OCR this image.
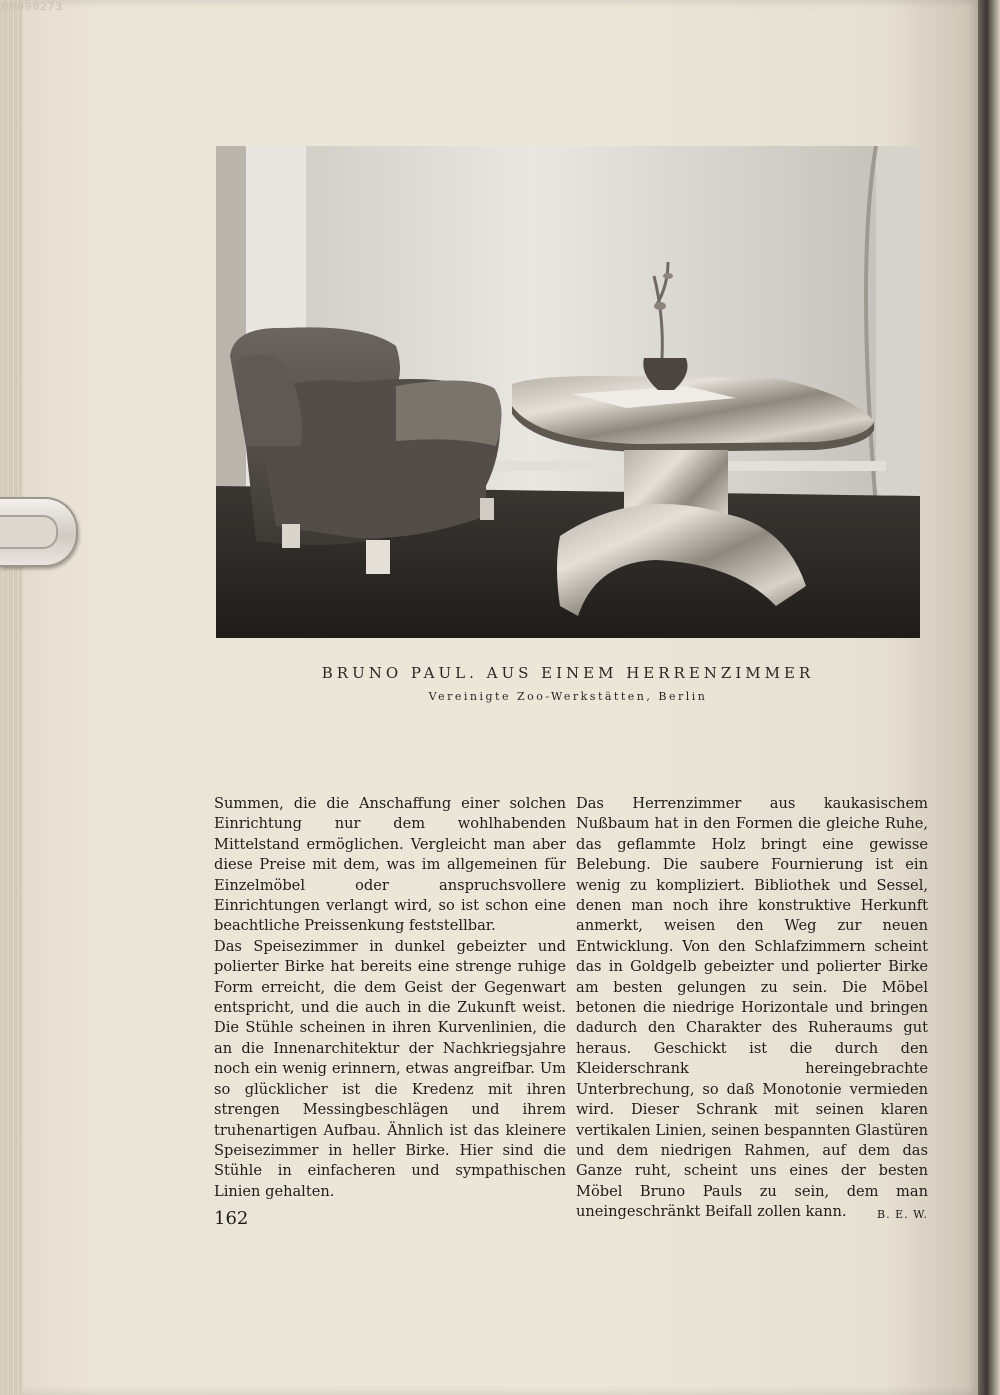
00090273
BRUNO PAUL. AUS EINEM HERRENZIMMER
Vereinigte Zoo-Werkstätten, Berlin

Summen, die die Anschaffung einer solchen Einrichtung nur dem wohlhabenden Mittelstand ermöglichen. Vergleicht man aber diese Preise mit dem, was im allgemeinen für Einzelmöbel oder anspruchsvollere Einrichtungen verlangt wird, so ist schon eine beachtliche Preissenkung feststellbar.

Das Speisezimmer in dunkel gebeizter und polierter Birke hat bereits eine strenge ruhige Form erreicht, die dem Geist der Gegenwart entspricht, und die auch in die Zukunft weist. Die Stühle scheinen in ihren Kurvenlinien, die an die Innenarchitektur der Nachkriegsjahre noch ein wenig erinnern, etwas angreifbar. Um so glücklicher ist die Kredenz mit ihren strengen Messingbeschlägen und ihrem truhenartigen Aufbau. Ähnlich ist das kleinere Speisezimmer in heller Birke. Hier sind die Stühle in einfacheren und sympathischen Linien gehalten.

Das Herrenzimmer aus kaukasischem Nußbaum hat in den Formen die gleiche Ruhe, das geflammte Holz bringt eine gewisse Belebung. Die saubere Fournierung ist ein wenig zu kompliziert. Bibliothek und Sessel, denen man noch ihre konstruktive Herkunft anmerkt, weisen den Weg zur neuen Entwicklung. Von den Schlafzimmern scheint das in Goldgelb gebeizter und polierter Birke am besten gelungen zu sein. Die Möbel betonen die niedrige Horizontale und bringen dadurch den Charakter des Ruheraums gut heraus. Geschickt ist die durch den Kleiderschrank hereingebrachte Unterbrechung, so daß Monotonie vermieden wird. Dieser Schrank mit seinen klaren vertikalen Linien, seinen bespannten Glastüren und dem niedrigen Rahmen, auf dem das Ganze ruht, scheint uns eines der besten Möbel Bruno Pauls zu sein, dem man uneingeschränkt Beifall zollen kann.	B. E. W.

162
